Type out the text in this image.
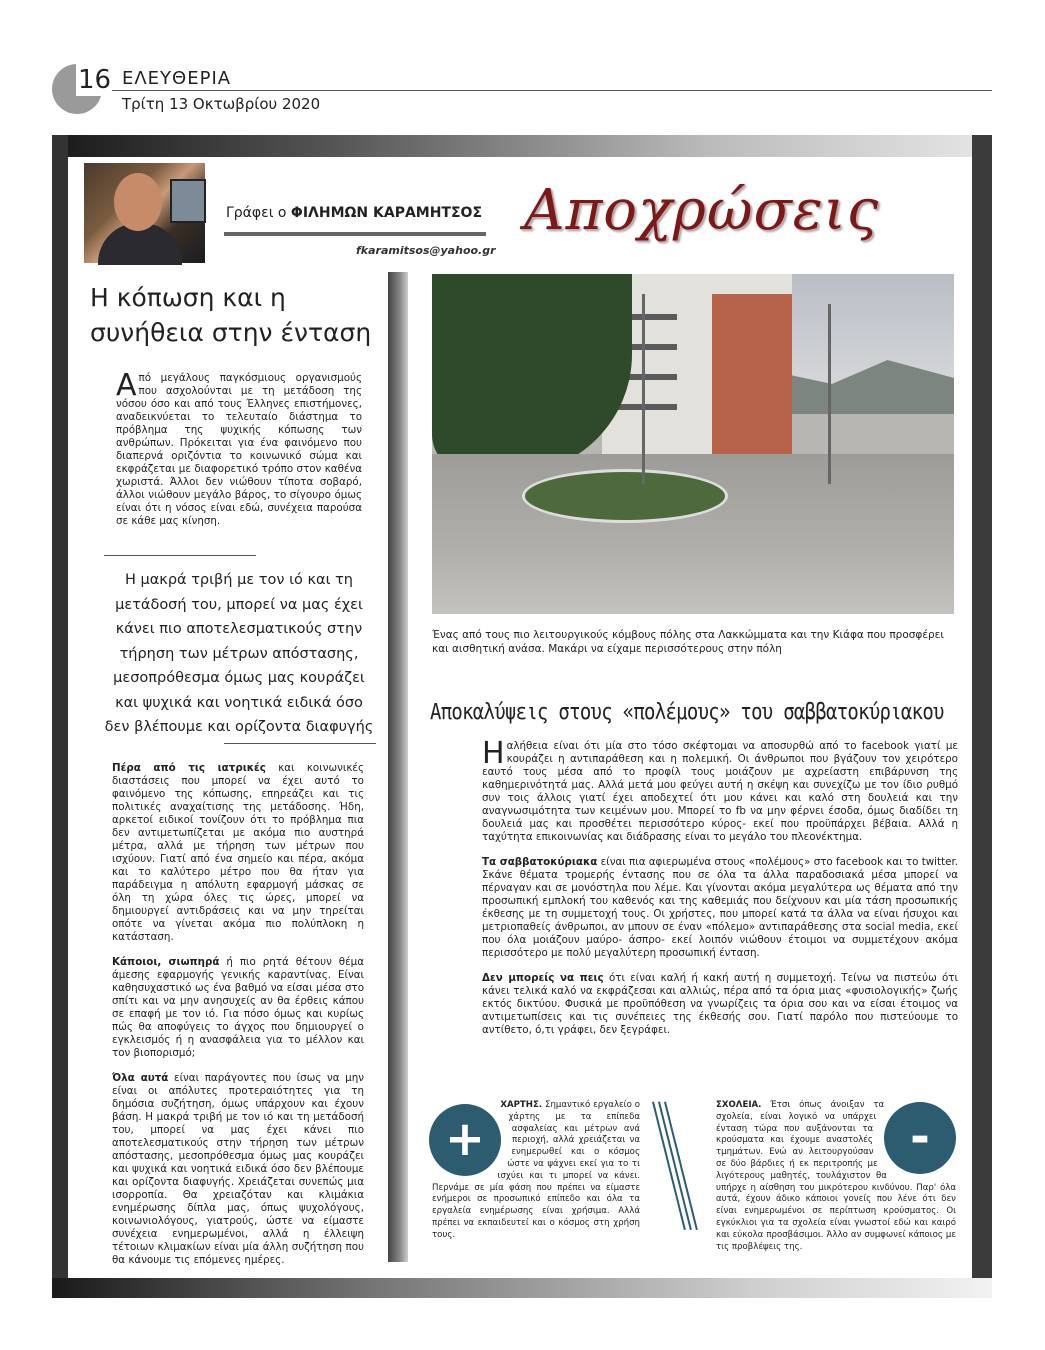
16 ΕΛΕΥΘΕΡΙΑ
Τρίτη 13 Οκτωβρίου 2020
Γράφει ο ΦΙΛΗΜΩΝ ΚΑΡΑΜΗΤΣΟΣ
fkaramitsos@yahoo.gr
Αποχρώσεις
Η κόπωση και η συνήθεια στην ένταση
Από μεγάλους παγκόσμιους οργανισμούς που ασχολούνται με τη μετάδοση της νόσου όσο και από τους Έλληνες επιστήμονες, αναδεικνύεται το τελευταίο διάστημα το πρόβλημα της ψυχικής κόπωσης των ανθρώπων. Πρόκειται για ένα φαινόμενο που διαπερνά οριζόντια το κοινωνικό σώμα και εκφράζεται με διαφορετικό τρόπο στον καθένα χωριστά. Άλλοι δεν νιώθουν τίποτα σοβαρό, άλλοι νιώθουν μεγάλο βάρος, το σίγουρο όμως είναι ότι η νόσος είναι εδώ, συνέχεια παρούσα σε κάθε μας κίνηση.
Η μακρά τριβή με τον ιό και τη μετάδοσή του, μπορεί να μας έχει κάνει πιο αποτελεσματικούς στην τήρηση των μέτρων απόστασης, μεσοπρόθεσμα όμως μας κουράζει και ψυχικά και νοητικά ειδικά όσο δεν βλέπουμε και ορίζοντα διαφυγής

Πέρα από τις ιατρικές και κοινωνικές διαστάσεις που μπορεί να έχει αυτό το φαινόμενο της κόπωσης, επηρεάζει και τις πολιτικές αναχαίτισης της μετάδοσης. Ήδη, αρκετοί ειδικοί τονίζουν ότι το πρόβλημα πια δεν αντιμετωπίζεται με ακόμα πιο αυστηρά μέτρα, αλλά με τήρηση των μέτρων που ισχύουν. Γιατί από ένα σημείο και πέρα, ακόμα και το καλύτερο μέτρο που θα ήταν για παράδειγμα η απόλυτη εφαρμογή μάσκας σε όλη τη χώρα όλες τις ώρες, μπορεί να δημιουργεί αντιδράσεις και να μην τηρείται οπότε να γίνεται ακόμα πιο πολύπλοκη η κατάσταση.

Κάποιοι, σιωπηρά ή πιο ρητά θέτουν θέμα άμεσης εφαρμογής γενικής καραντίνας. Είναι καθησυχαστικό ως ένα βαθμό να είσαι μέσα στο σπίτι και να μην ανησυχείς αν θα έρθεις κάπου σε επαφή με τον ιό. Για πόσο όμως και κυρίως πώς θα αποφύγεις το άγχος που δημιουργεί ο εγκλεισμός ή η ανασφάλεια για το μέλλον και τον βιοπορισμό;

Όλα αυτά είναι παράγοντες που ίσως να μην είναι οι απόλυτες προτεραιότητες για τη δημόσια συζήτηση, όμως υπάρχουν και έχουν βάση. Η μακρά τριβή με τον ιό και τη μετάδοσή του, μπορεί να μας έχει κάνει πιο αποτελεσματικούς στην τήρηση των μέτρων απόστασης, μεσοπρόθεσμα όμως μας κουράζει και ψυχικά και νοητικά ειδικά όσο δεν βλέπουμε και ορίζοντα διαφυγής. Χρειάζεται συνεπώς μια ισορροπία. Θα χρειαζόταν και κλιμάκια ενημέρωσης δίπλα μας, όπως ψυχολόγους, κοινωνιολόγους, γιατρούς, ώστε να είμαστε συνέχεια ενημερωμένοι, αλλά η έλλειψη τέτοιων κλιμακίων είναι μία άλλη συζήτηση που θα κάνουμε τις επόμενες ημέρες.

Ένας από τους πιο λειτουργικούς κόμβους πόλης στα Λακκώμματα και την Κιάφα που προσφέρει και αισθητική ανάσα. Μακάρι να είχαμε περισσότερους στην πόλη
Αποκαλύψεις στους «πολέμους» του σαββατοκύριακου

Ηαλήθεια είναι ότι μία στο τόσο σκέφτομαι να αποσυρθώ από το facebook γιατί με κουράζει η αντιπαράθεση και η πολεμική. Οι άνθρωποι που βγάζουν τον χειρότερο εαυτό τους μέσα από το προφίλ τους μοιάζουν με αχρείαστη επιβάρυνση της καθημερινότητά μας. Αλλά μετά μου φεύγει αυτή η σκέψη και συνεχίζω με τον ίδιο ρυθμό συν τοις άλλοις γιατί έχει αποδεχτεί ότι μου κάνει και καλό στη δουλειά και την αναγνωσιμότητα των κειμένων μου. Μπορεί το fb να μην φέρνει έσοδα, όμως διαδίδει τη δουλειά μας και προσθέτει περισσότερο κύρος- εκεί που προϋπάρχει βέβαια. Αλλά η ταχύτητα επικοινωνίας και διάδρασης είναι το μεγάλο του πλεονέκτημα.

Τα σαββατοκύριακα είναι πια αφιερωμένα στους «πολέμους» στο facebook και το twitter. Σκάνε θέματα τρομερής έντασης που σε όλα τα άλλα παραδοσιακά μέσα μπορεί να πέρναγαν και σε μονόστηλα που λέμε. Και γίνονται ακόμα μεγαλύτερα ως θέματα από την προσωπική εμπλοκή του καθενός και της καθεμιάς που δείχνουν και μία τάση προσωπικής έκθεσης με τη συμμετοχή τους. Οι χρήστες, που μπορεί κατά τα άλλα να είναι ήσυχοι και μετριοπαθείς άνθρωποι, αν μπουν σε έναν «πόλεμο» αντιπαράθεσης στα social media, εκεί που όλα μοιάζουν μαύρο- άσπρο- εκεί λοιπόν νιώθουν έτοιμοι να συμμετέχουν ακόμα περισσότερο με πολύ μεγαλύτερη προσωπική ένταση.

Δεν μπορείς να πεις ότι είναι καλή ή κακή αυτή η συμμετοχή. Τείνω να πιστεύω ότι κάνει τελικά καλό να εκφράζεσαι και αλλιώς, πέρα από τα όρια μιας «φυσιολογικής» ζωής εκτός δικτύου. Φυσικά με προϋπόθεση να γνωρίζεις τα όρια σου και να είσαι έτοιμος να αντιμετωπίσεις και τις συνέπειες της έκθεσής σου. Γιατί παρόλο που πιστεύουμε το αντίθετο, ό,τι γράφει, δεν ξεγράφει.

ΧΑΡΤΗΣ. Σημαντικό εργαλείο ο χάρτης με τα επίπεδα ασφαλείας και μέτρων ανά περιοχή, αλλά χρειάζεται να ενημερωθεί και ο κόσμος ώστε να ψάχνει εκεί για το τι ισχύει και τι μπορεί να κάνει. Περνάμε σε μία φάση που πρέπει να είμαστε ενήμεροι σε προσωπικό επίπεδο και όλα τα εργαλεία ενημέρωσης είναι χρήσιμα. Αλλά πρέπει να εκπαιδευτεί και ο κόσμος στη χρήση τους.
+
ΣΧΟΛΕΙΑ. Έτσι όπως άνοιξαν τα σχολεία, είναι λογικό να υπάρχει ένταση τώρα που αυξάνονται τα κρούσματα και έχουμε αναστολές τμημάτων. Ενώ αν λειτουργούσαν σε δύο βάρδιες ή εκ περιτροπής με λιγότερους μαθητές, τουλάχιστον θα υπήρχε η αίσθηση του μικρότερου κινδύνου. Παρ' όλα αυτά, έχουν άδικο κάποιοι γονείς που λένε ότι δεν είναι ενημερωμένοι σε περίπτωση κρούσματος. Οι εγκύκλιοι για τα σχολεία είναι γνωστοί εδώ και καιρό και εύκολα προσβάσιμοι. Άλλο αν συμφωνεί κάποιος με τις προβλέψεις της.
-
